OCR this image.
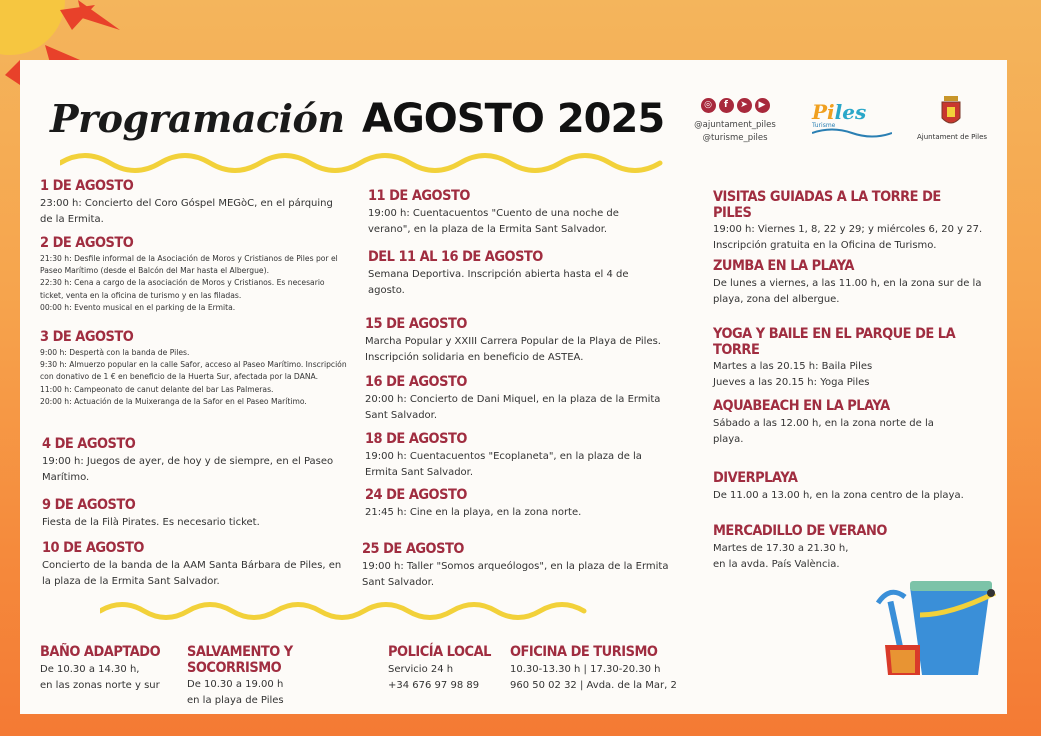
Programación AGOSTO 2025	◎	f	➤	▶
@ajuntament_piles
@turisme_piles
Piles
Turisme
Ajuntament de Piles
1 DE AGOSTO

23:00 h: Concierto del Coro Góspel MEGòC, en el párquing de la Ermita.

2 DE AGOSTO

21:30 h: Desfile informal de la Asociación de Moros y Cristianos de Piles por el Paseo Marítimo (desde el Balcón del Mar hasta el Albergue).

22:30 h: Cena a cargo de la asociación de Moros y Cristianos. Es necesario ticket, venta en la oficina de turismo y en las filadas.

00:00 h: Evento musical en el parking de la Ermita.

3 DE AGOSTO

9:00 h: Despertà con la banda de Piles.

9:30 h: Almuerzo popular en la calle Safor, acceso al Paseo Marítimo. Inscripción con donativo de 1 € en beneficio de la Huerta Sur, afectada por la DANA.

11:00 h: Campeonato de canut delante del bar Las Palmeras.

20:00 h: Actuación de la Muixeranga de la Safor en el Paseo Marítimo.

4 DE AGOSTO

19:00 h: Juegos de ayer, de hoy y de siempre, en el Paseo Marítimo.

9 DE AGOSTO

Fiesta de la Filà Pirates. Es necesario ticket.

10 DE AGOSTO

Concierto de la banda de la AAM Santa Bárbara de Piles, en la plaza de la Ermita Sant Salvador.

11 DE AGOSTO

19:00 h: Cuentacuentos "Cuento de una noche de verano", en la plaza de la Ermita Sant Salvador.

DEL 11 AL 16 DE AGOSTO

Semana Deportiva. Inscripción abierta hasta el 4 de agosto.

15 DE AGOSTO

Marcha Popular y XXIII Carrera Popular de la Playa de Piles. Inscripción solidaria en beneficio de ASTEA.

16 DE AGOSTO

20:00 h: Concierto de Dani Miquel, en la plaza de la Ermita Sant Salvador.

18 DE AGOSTO

19:00 h: Cuentacuentos "Ecoplaneta", en la plaza de la Ermita Sant Salvador.

24 DE AGOSTO

21:45 h: Cine en la playa, en la zona norte.

25 DE AGOSTO

19:00 h: Taller "Somos arqueólogos", en la plaza de la Ermita Sant Salvador.

VISITAS GUIADAS A LA TORRE DE PILES

19:00 h: Viernes 1, 8, 22 y 29; y miércoles 6, 20 y 27. Inscripción gratuita en la Oficina de Turismo.

ZUMBA EN LA PLAYA

De lunes a viernes, a las 11.00 h, en la zona sur de la playa, zona del albergue.

YOGA Y BAILE EN EL PARQUE DE LA TORRE

Martes a las 20.15 h: Baila Piles

Jueves a las 20.15 h: Yoga Piles

AQUABEACH EN LA PLAYA

Sábado a las 12.00 h, en la zona norte de la playa.

DIVERPLAYA

De 11.00 a 13.00 h, en la zona centro de la playa.

MERCADILLO DE VERANO

Martes de 17.30 a 21.30 h,

en la avda. País València.

BAÑO ADAPTADO

De 10.30 a 14.30 h,

en las zonas norte y sur

SALVAMENTO Y SOCORRISMO

De 10.30 a 19.00 h

en la playa de Piles

POLICÍA LOCAL

Servicio 24 h

+34 676 97 98 89

OFICINA DE TURISMO

10.30-13.30 h | 17.30-20.30 h

960 50 02 32 | Avda. de la Mar, 2
